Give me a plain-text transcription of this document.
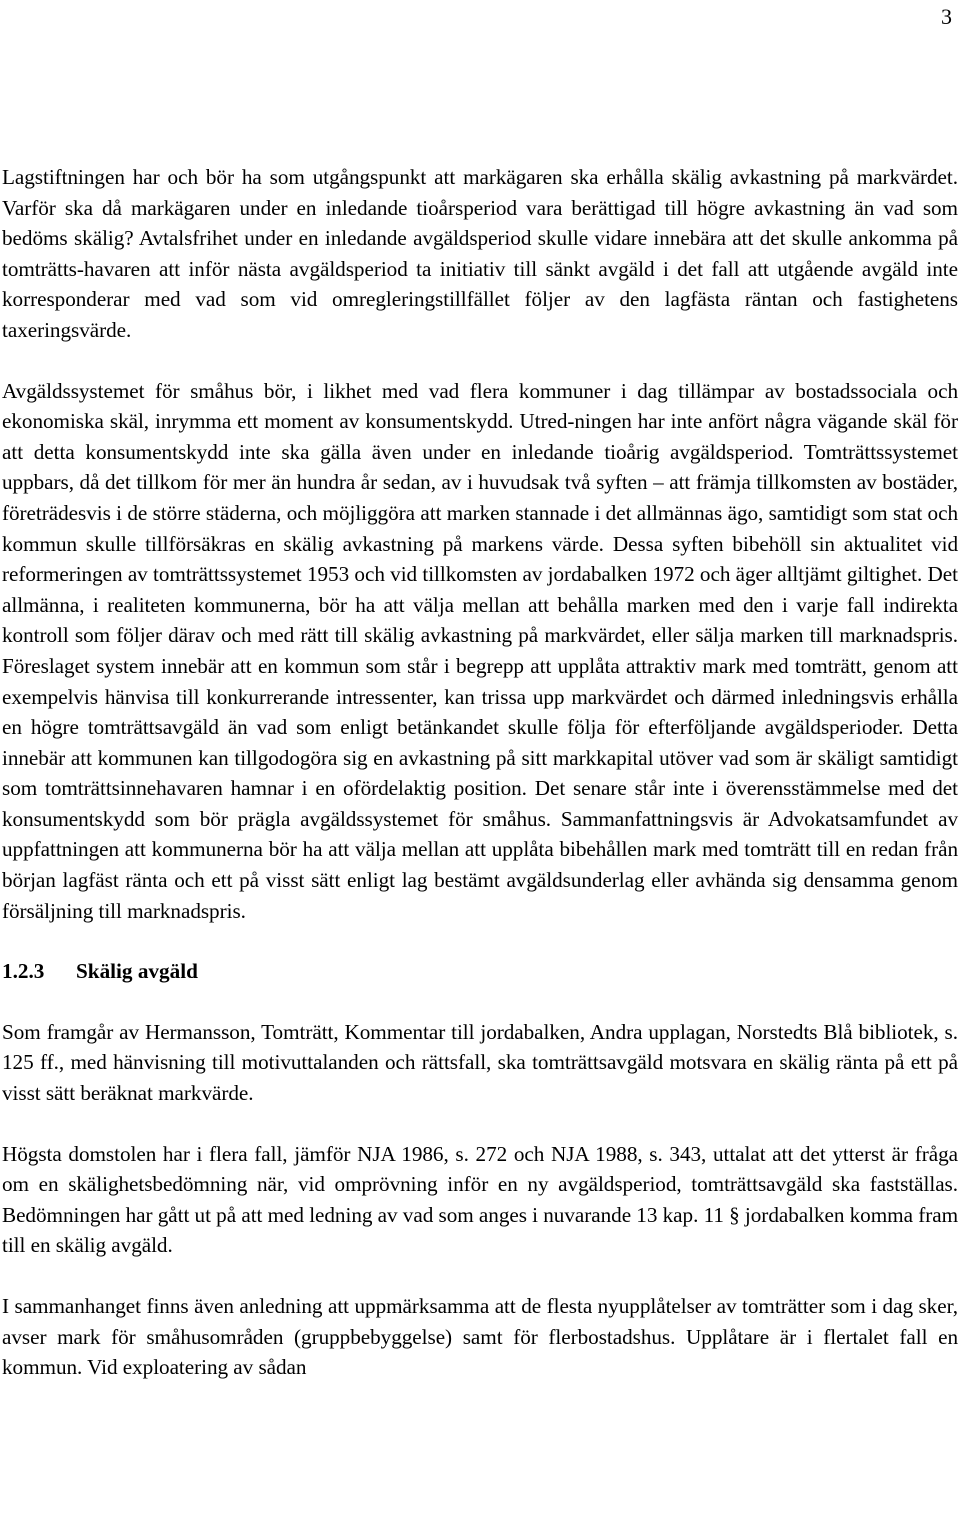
3

Lagstiftningen har och bör ha som utgångspunkt att markägaren ska erhålla skälig avkastning på markvärdet. Varför ska då markägaren under en inledande tioårsperiod vara berättigad till högre avkastning än vad som bedöms skälig? Avtalsfrihet under en inledande avgäldsperiod skulle vidare innebära att det skulle ankomma på tomträtts-havaren att inför nästa avgäldsperiod ta initiativ till sänkt avgäld i det fall att utgående avgäld inte korresponderar med vad som vid omregleringstillfället följer av den lagfästa räntan och fastighetens taxeringsvärde.

Avgäldssystemet för småhus bör, i likhet med vad flera kommuner i dag tillämpar av bostadssociala och ekonomiska skäl, inrymma ett moment av konsumentskydd. Utred-ningen har inte anfört några vägande skäl för att detta konsumentskydd inte ska gälla även under en inledande tioårig avgäldsperiod. Tomträttssystemet uppbars, då det tillkom för mer än hundra år sedan, av i huvudsak två syften – att främja tillkomsten av bostäder, företrädesvis i de större städerna, och möjliggöra att marken stannade i det allmännas ägo, samtidigt som stat och kommun skulle tillförsäkras en skälig avkastning på markens värde. Dessa syften bibehöll sin aktualitet vid reformeringen av tomträttssystemet 1953 och vid tillkomsten av jordabalken 1972 och äger alltjämt giltighet. Det allmänna, i realiteten kommunerna, bör ha att välja mellan att behålla marken med den i varje fall indirekta kontroll som följer därav och med rätt till skälig avkastning på markvärdet, eller sälja marken till marknadspris. Föreslaget system innebär att en kommun som står i begrepp att upplåta attraktiv mark med tomträtt, genom att exempelvis hänvisa till konkurrerande intressenter, kan trissa upp markvärdet och därmed inledningsvis erhålla en högre tomträttsavgäld än vad som enligt betänkandet skulle följa för efterföljande avgäldsperioder. Detta innebär att kommunen kan tillgodogöra sig en avkastning på sitt markkapital utöver vad som är skäligt samtidigt som tomträttsinnehavaren hamnar i en ofördelaktig position. Det senare står inte i överensstämmelse med det konsumentskydd som bör prägla avgäldssystemet för småhus. Sammanfattningsvis är Advokatsamfundet av uppfattningen att kommunerna bör ha att välja mellan att upplåta bibehållen mark med tomträtt till en redan från början lagfäst ränta och ett på visst sätt enligt lag bestämt avgäldsunderlag eller avhända sig densamma genom försäljning till marknadspris.

1.2.3 Skälig avgäld

Som framgår av Hermansson, Tomträtt, Kommentar till jordabalken, Andra upplagan, Norstedts Blå bibliotek, s. 125 ff., med hänvisning till motivuttalanden och rättsfall, ska tomträttsavgäld motsvara en skälig ränta på ett på visst sätt beräknat markvärde.

Högsta domstolen har i flera fall, jämför NJA 1986, s. 272 och NJA 1988, s. 343, uttalat att det ytterst är fråga om en skälighetsbedömning när, vid omprövning inför en ny avgäldsperiod, tomträttsavgäld ska fastställas. Bedömningen har gått ut på att med ledning av vad som anges i nuvarande 13 kap. 11 § jordabalken komma fram till en skälig avgäld.

I sammanhanget finns även anledning att uppmärksamma att de flesta nyupplåtelser av tomträtter som i dag sker, avser mark för småhusområden (gruppbebyggelse) samt för flerbostadshus. Upplåtare är i flertalet fall en kommun. Vid exploatering av sådan
